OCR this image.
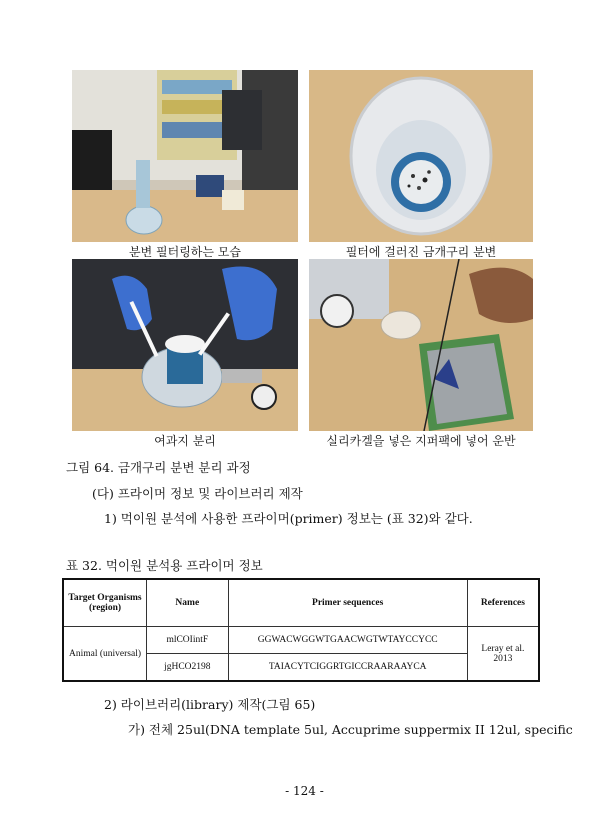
분변 필터링하는 모습	필터에 걸러진 금개구리 분변
여과지 분리	실리카겔을 넣은 지퍼팩에 넣어 운반
그림 64. 금개구리 분변 분리 과정
(다) 프라이머 정보 및 라이브러리 제작
1) 먹이원 분석에 사용한 프라이머(primer) 정보는 (표 32)와 같다.
표 32. 먹이원 분석용 프라이머 정보
Target Organisms (region)	Name	Primer sequences	References
Animal (universal)	mlCOIintF	GGWACWGGWTGAACWGTWTAYCCYCC	Leray et al. 2013
	jgHCO2198	TAIACYTCIGGRTGICCRAARAAYCA	
2) 라이브러리(library) 제작(그림 65)
가) 전체 25ul(DNA template 5ul, Accuprime suppermix II 12ul, specific
- 124 -
